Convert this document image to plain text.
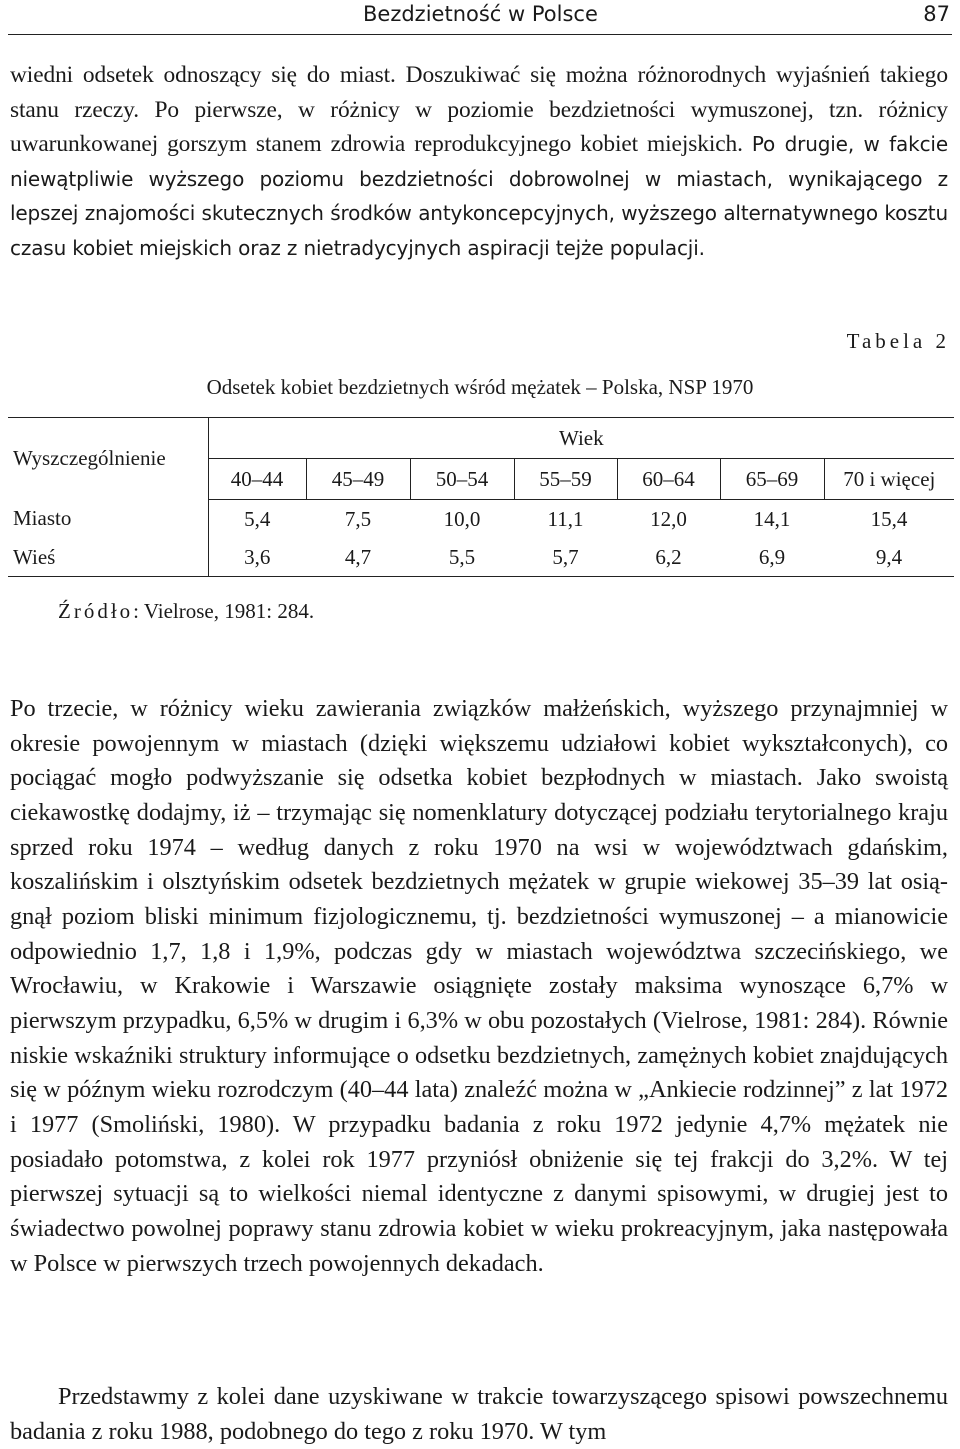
Bezdzietność w Polsce	87

wiedni odsetek odnoszący się do miast. Doszukiwać się można różnorodnych wyjaśnień takiego stanu rzeczy. Po pierwsze, w różnicy w poziomie bezdzietności wymuszonej, tzn. różnicy uwarunkowanej gorszym stanem zdrowia reprodukcyjnego kobiet miejskich. Po drugie, w fakcie niewątpliwie wyższego poziomu bezdzietności dobrowolnej w miastach, wynikającego z lepszej znajomości skutecznych środków antykoncepcyjnych, wyższego alternatywnego kosztu czasu kobiet miejskich oraz z nietradycyjnych aspiracji tejże populacji.

Tabela 2
Odsetek kobiet bezdzietnych wśród mężatek – Polska, NSP 1970
Wyszczególnienie	Wiek						
	40–44	45–49	50–54	55–59	60–64	65–69	70 i więcej
Miasto	5,4	7,5	10,0	11,1	12,0	14,1	15,4
Wieś	3,6	4,7	5,5	5,7	6,2	6,9	9,4
Źródło: Vielrose, 1981: 284.

Po trzecie, w różnicy wieku zawierania związków małżeńskich, wyższego przynajmniej w okresie powojennym w miastach (dzięki większemu udziałowi kobiet wykształconych), co pociągać mogło podwyższanie się odsetka kobiet bezpłodnych w miastach. Jako swoistą ciekawostkę dodajmy, iż – trzymając się nomenklatury dotyczącej podziału terytorialnego kraju sprzed roku 1974 – według danych z roku 1970 na wsi w województwach gdańskim, koszalińskim i olsztyńskim odsetek bezdzietnych mężatek w grupie wiekowej 35–39 lat osiągnął poziom bliski minimum fizjologicznemu, tj. bezdzietności wymuszonej – a mianowicie odpowiednio 1,7, 1,8 i 1,9%, podczas gdy w miastach województwa szczecińskiego, we Wrocławiu, w Krakowie i Warszawie osiągnięte zostały maksima wynoszące 6,7% w pierwszym przypadku, 6,5% w drugim i 6,3% w obu pozostałych (Vielrose, 1981: 284). Równie niskie wskaźniki struktury informujące o odsetku bezdzietnych, zamężnych kobiet znajdujących się w późnym wieku rozrodczym (40–44 lata) znaleźć można w „Ankiecie rodzinnej” z lat 1972 i 1977 (Smoliński, 1980). W przypadku badania z roku 1972 jedynie 4,7% mężatek nie posiadało potomstwa, z kolei rok 1977 przyniósł obniżenie się tej frakcji do 3,2%. W tej pierwszej sytuacji są to wielkości niemal identyczne z danymi spisowymi, w drugiej jest to świadectwo powolnej poprawy stanu zdrowia kobiet w wieku prokreacyjnym, jaka następowała w Polsce w pierwszych trzech powojennych dekadach.

Przedstawmy z kolei dane uzyskiwane w trakcie towarzyszącego spisowi powszechnemu badania z roku 1988, podobnego do tego z roku 1970. W tym
